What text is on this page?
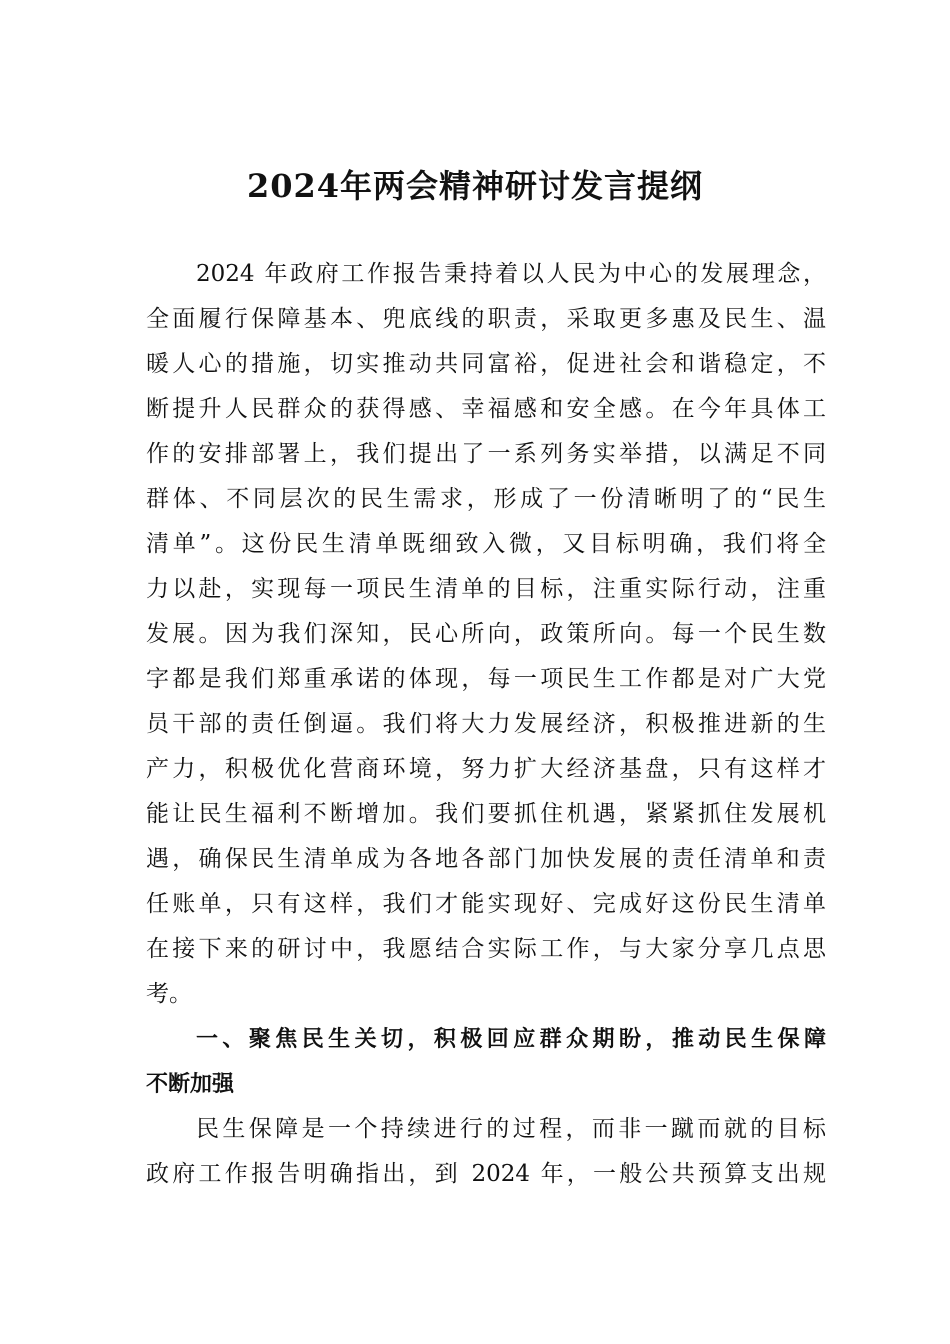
2024年两会精神研讨发言提纲
2024 年政府工作报告秉持着以人民为中心的发展理念，
全面履行保障基本、兜底线的职责，采取更多惠及民生、温
暖人心的措施，切实推动共同富裕，促进社会和谐稳定，不
断提升人民群众的获得感、幸福感和安全感。在今年具体工
作的安排部署上，我们提出了一系列务实举措，以满足不同
群体、不同层次的民生需求，形成了一份清晰明了的“民生
清单”。这份民生清单既细致入微，又目标明确，我们将全
力以赴，实现每一项民生清单的目标，注重实际行动，注重
发展。因为我们深知，民心所向，政策所向。每一个民生数
字都是我们郑重承诺的体现，每一项民生工作都是对广大党
员干部的责任倒逼。我们将大力发展经济，积极推进新的生
产力，积极优化营商环境，努力扩大经济基盘，只有这样才
能让民生福利不断增加。我们要抓住机遇，紧紧抓住发展机
遇，确保民生清单成为各地各部门加快发展的责任清单和责
任账单，只有这样，我们才能实现好、完成好这份民生清单
在接下来的研讨中，我愿结合实际工作，与大家分享几点思
考。
一、聚焦民生关切，积极回应群众期盼，推动民生保障
不断加强
民生保障是一个持续进行的过程，而非一蹴而就的目标
政府工作报告明确指出，到 2024 年，一般公共预算支出规
